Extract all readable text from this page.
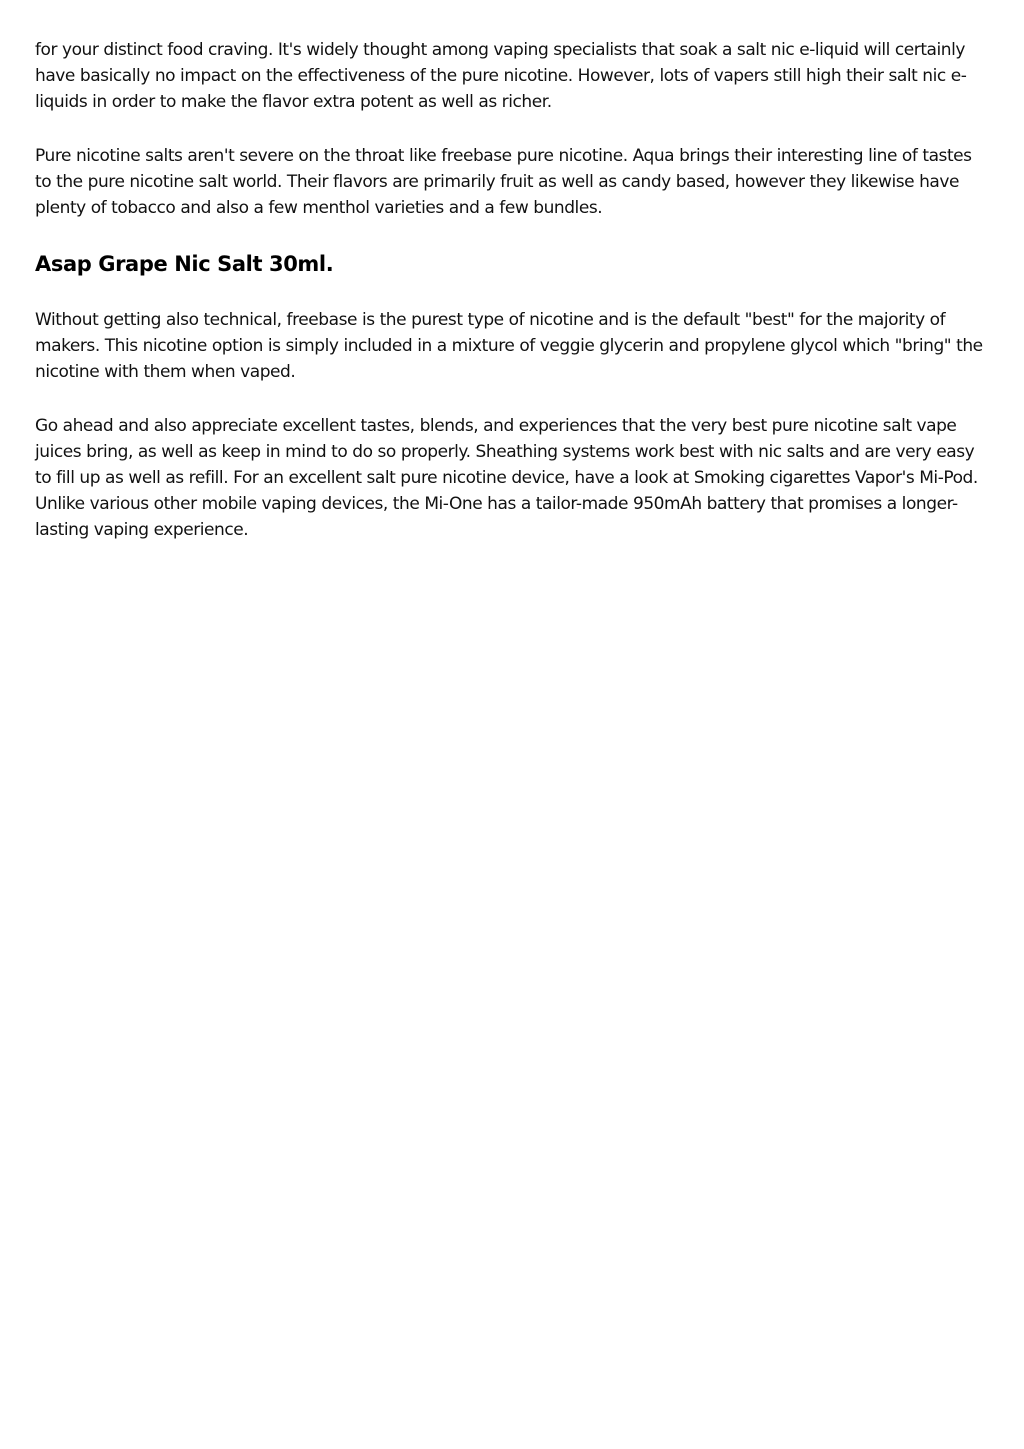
for your distinct food craving. It's widely thought among vaping specialists that soak a salt nic e-liquid will certainly have basically no impact on the effectiveness of the pure nicotine. However, lots of vapers still high their salt nic e-liquids in order to make the flavor extra potent as well as richer.

Pure nicotine salts aren't severe on the throat like freebase pure nicotine. Aqua brings their interesting line of tastes to the pure nicotine salt world. Their flavors are primarily fruit as well as candy based, however they likewise have plenty of tobacco and also a few menthol varieties and a few bundles.

Asap Grape Nic Salt 30ml.

Without getting also technical, freebase is the purest type of nicotine and is the default "best" for the majority of makers. This nicotine option is simply included in a mixture of veggie glycerin and propylene glycol which "bring" the nicotine with them when vaped.

Go ahead and also appreciate excellent tastes, blends, and experiences that the very best pure nicotine salt vape juices bring, as well as keep in mind to do so properly. Sheathing systems work best with nic salts and are very easy to fill up as well as refill. For an excellent salt pure nicotine device, have a look at Smoking cigarettes Vapor's Mi-Pod. Unlike various other mobile vaping devices, the Mi-One has a tailor-made 950mAh battery that promises a longer-lasting vaping experience.
